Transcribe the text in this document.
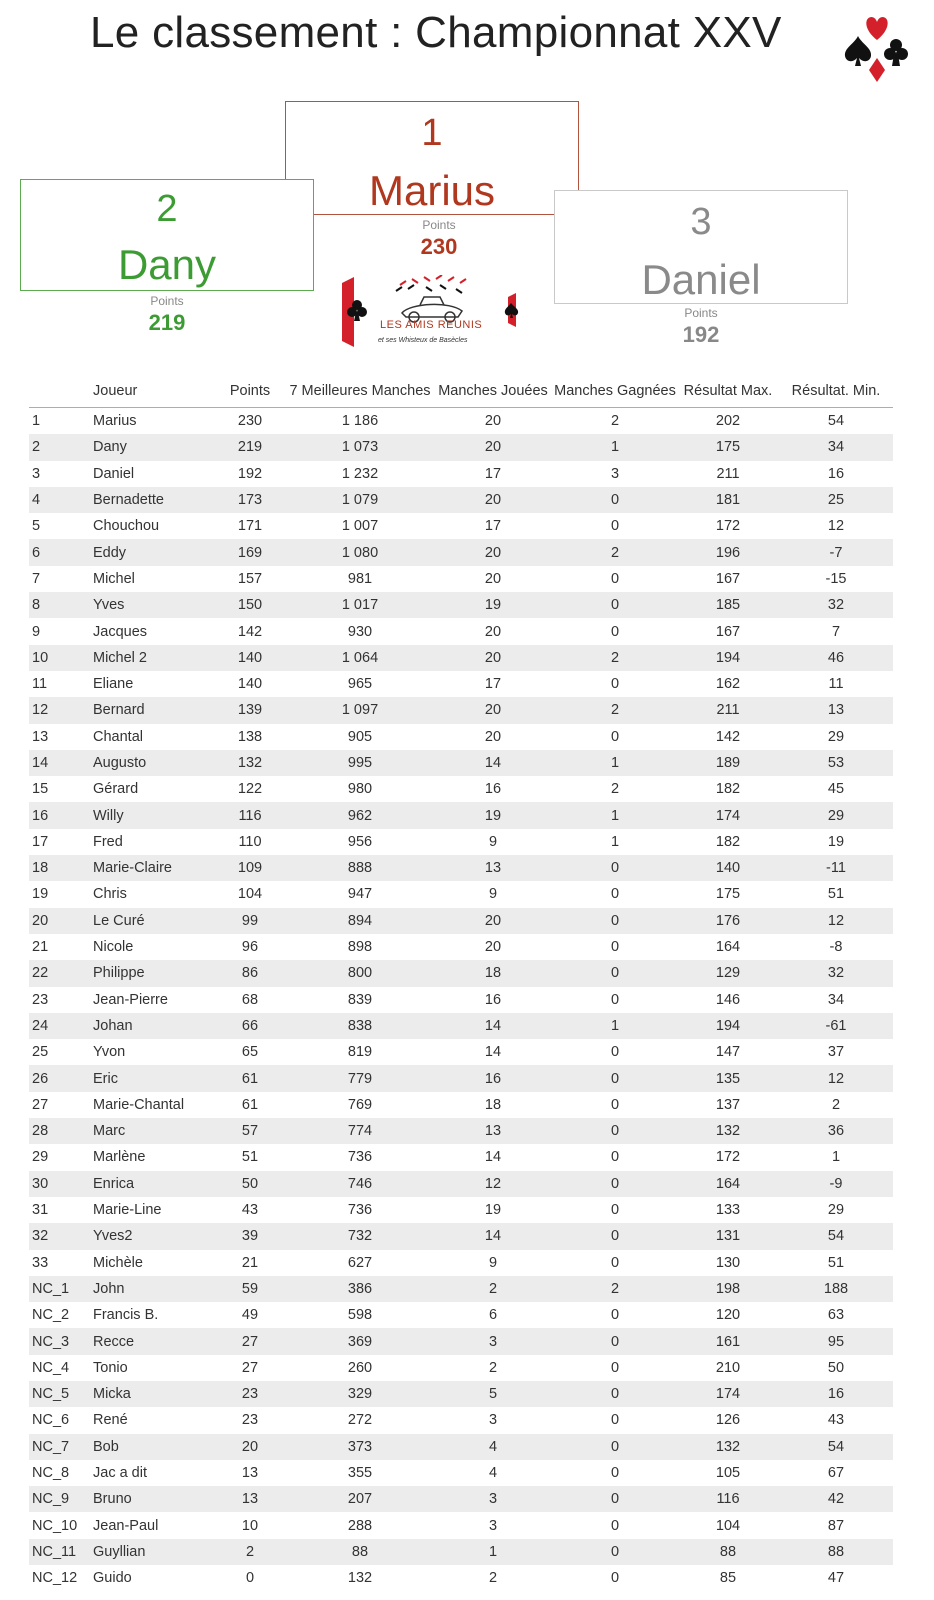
Le classement : Championnat XXV
1
Marius
Points
230
2
Dany
Points
219
3
Daniel
Points
192
LES AMIS REUNIS
et ses Whisteux de Basècles
	Joueur	Points	7 Meilleures Manches	Manches Jouées	Manches Gagnées	Résultat Max.	Résultat. Min.
1	Marius	230	1 186	20	2	202	54
2	Dany	219	1 073	20	1	175	34
3	Daniel	192	1 232	17	3	211	16
4	Bernadette	173	1 079	20	0	181	25
5	Chouchou	171	1 007	17	0	172	12
6	Eddy	169	1 080	20	2	196	-7
7	Michel	157	981	20	0	167	-15
8	Yves	150	1 017	19	0	185	32
9	Jacques	142	930	20	0	167	7
10	Michel 2	140	1 064	20	2	194	46
11	Eliane	140	965	17	0	162	11
12	Bernard	139	1 097	20	2	211	13
13	Chantal	138	905	20	0	142	29
14	Augusto	132	995	14	1	189	53
15	Gérard	122	980	16	2	182	45
16	Willy	116	962	19	1	174	29
17	Fred	110	956	9	1	182	19
18	Marie-Claire	109	888	13	0	140	-11
19	Chris	104	947	9	0	175	51
20	Le Curé	99	894	20	0	176	12
21	Nicole	96	898	20	0	164	-8
22	Philippe	86	800	18	0	129	32
23	Jean-Pierre	68	839	16	0	146	34
24	Johan	66	838	14	1	194	-61
25	Yvon	65	819	14	0	147	37
26	Eric	61	779	16	0	135	12
27	Marie-Chantal	61	769	18	0	137	2
28	Marc	57	774	13	0	132	36
29	Marlène	51	736	14	0	172	1
30	Enrica	50	746	12	0	164	-9
31	Marie-Line	43	736	19	0	133	29
32	Yves2	39	732	14	0	131	54
33	Michèle	21	627	9	0	130	51
NC_1	John	59	386	2	2	198	188
NC_2	Francis B.	49	598	6	0	120	63
NC_3	Recce	27	369	3	0	161	95
NC_4	Tonio	27	260	2	0	210	50
NC_5	Micka	23	329	5	0	174	16
NC_6	René	23	272	3	0	126	43
NC_7	Bob	20	373	4	0	132	54
NC_8	Jac a dit	13	355	4	0	105	67
NC_9	Bruno	13	207	3	0	116	42
NC_10	Jean-Paul	10	288	3	0	104	87
NC_11	Guyllian	2	88	1	0	88	88
NC_12	Guido	0	132	2	0	85	47
